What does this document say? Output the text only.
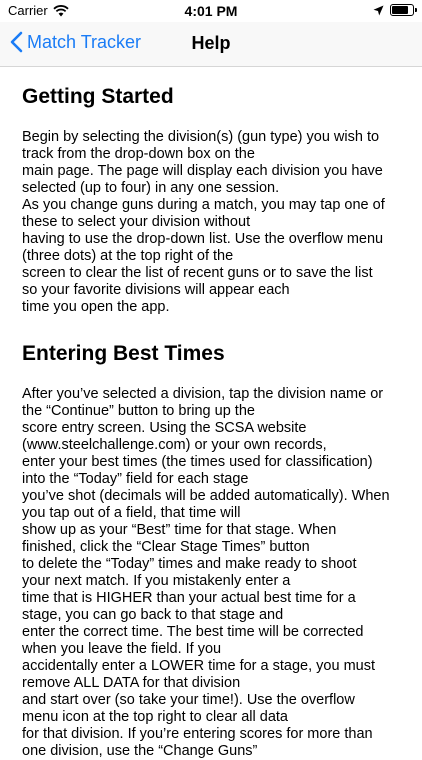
Carrier	4:01 PM
Match Tracker	Help
Getting Started

Begin by selecting the division(s) (gun type) you wish to
track from the drop-down box on the
main page. The page will display each division you have
selected (up to four) in any one session.
As you change guns during a match, you may tap one of
these to select your division without
having to use the drop-down list. Use the overflow menu
(three dots) at the top right of the
screen to clear the list of recent guns or to save the list
so your favorite divisions will appear each
time you open the app.

Entering Best Times

After you’ve selected a division, tap the division name or
the “Continue” button to bring up the
score entry screen. Using the SCSA website
(www.steelchallenge.com) or your own records,
enter your best times (the times used for classification)
into the “Today” field for each stage
you’ve shot (decimals will be added automatically). When
you tap out of a field, that time will
show up as your “Best” time for that stage. When
finished, click the “Clear Stage Times” button
to delete the “Today” times and make ready to shoot
your next match. If you mistakenly enter a
time that is HIGHER than your actual best time for a
stage, you can go back to that stage and
enter the correct time. The best time will be corrected
when you leave the field. If you
accidentally enter a LOWER time for a stage, you must
remove ALL DATA for that division
and start over (so take your time!). Use the overflow
menu icon at the top right to clear all data
for that division. If you’re entering scores for more than
one division, use the “Change Guns”
